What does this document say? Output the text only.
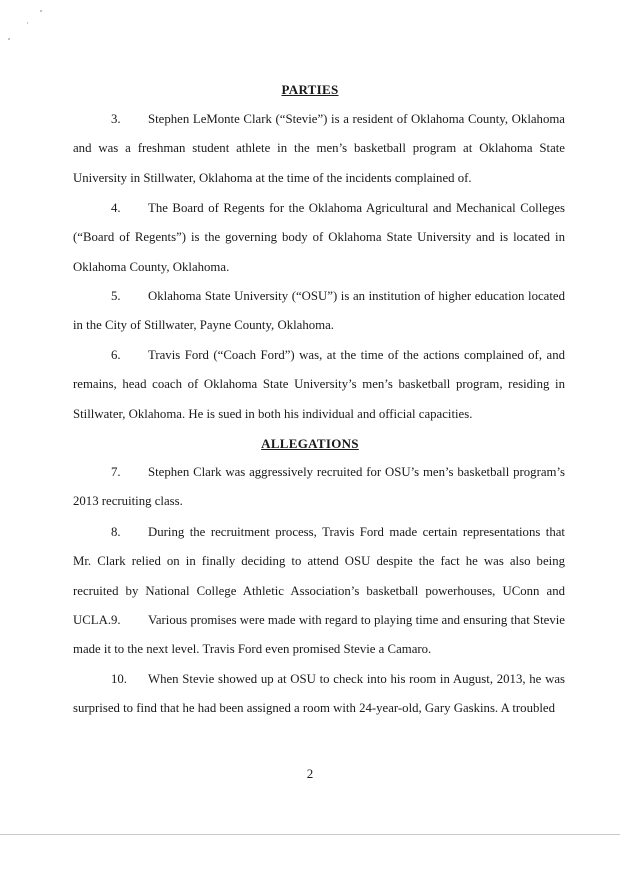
PARTIES
3. Stephen LeMonte Clark (“Stevie”) is a resident of Oklahoma County, Oklahoma and was a freshman student athlete in the men’s basketball program at Oklahoma State University in Stillwater, Oklahoma at the time of the incidents complained of.
4. The Board of Regents for the Oklahoma Agricultural and Mechanical Colleges (“Board of Regents”) is the governing body of Oklahoma State University and is located in Oklahoma County, Oklahoma.
5. Oklahoma State University (“OSU”) is an institution of higher education located in the City of Stillwater, Payne County, Oklahoma.
6. Travis Ford (“Coach Ford”) was, at the time of the actions complained of, and remains, head coach of Oklahoma State University’s men’s basketball program, residing in Stillwater, Oklahoma. He is sued in both his individual and official capacities.
ALLEGATIONS
7. Stephen Clark was aggressively recruited for OSU’s men’s basketball program’s 2013 recruiting class.
8. During the recruitment process, Travis Ford made certain representations that Mr. Clark relied on in finally deciding to attend OSU despite the fact he was also being recruited by National College Athletic Association’s basketball powerhouses, UConn and UCLA. 9. Various promises were made with regard to playing time and ensuring that Stevie made it to the next level. Travis Ford even promised Stevie a Camaro.
10. When Stevie showed up at OSU to check into his room in August, 2013, he was surprised to find that he had been assigned a room with 24-year-old, Gary Gaskins. A troubled
2
